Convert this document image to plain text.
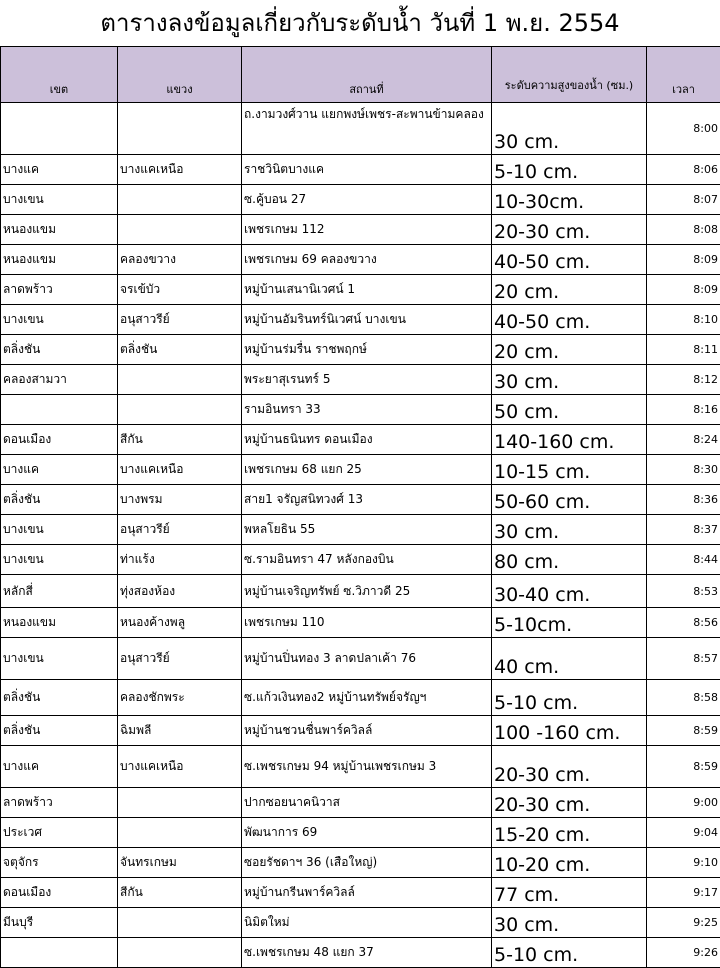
ตารางลงข้อมูลเกี่ยวกับระดับน้ำ วันที่ 1 พ.ย. 2554
เขต	แขวง	สถานที่	ระดับความสูงของน้ำ (ซม.)	เวลา
		ถ.งามวงศ์วาน แยกพงษ์เพชร-สะพานข้ามคลอง	30 cm.	8:00
บางแค	บางแคเหนือ	ราชวินิตบางแค	5-10 cm.	8:06
บางเขน		ซ.คู้บอน 27	10-30cm.	8:07
หนองแขม		เพชรเกษม 112	20-30 cm.	8:08
หนองแขม	คลองขวาง	เพชรเกษม 69 คลองขวาง	40-50 cm.	8:09
ลาดพร้าว	จรเข้บัว	หมู่บ้านเสนานิเวศน์ 1	20 cm.	8:09
บางเขน	อนุสาวรีย์	หมู่บ้านอัมรินทร์นิเวศน์ บางเขน	40-50 cm.	8:10
ตลิ่งชัน	ตลิ่งชัน	หมู่บ้านร่มรื่น ราชพฤกษ์	20 cm.	8:11
คลองสามวา		พระยาสุเรนทร์ 5	30 cm.	8:12
		รามอินทรา 33	50 cm.	8:16
ดอนเมือง	สีกัน	หมู่บ้านธนินทร ดอนเมือง	140-160 cm.	8:24
บางแค	บางแคเหนือ	เพชรเกษม 68 แยก 25	10-15 cm.	8:30
ตลิ่งชัน	บางพรม	สาย1 จรัญสนิทวงศ์ 13	50-60 cm.	8:36
บางเขน	อนุสาวรีย์	พหลโยธิน 55	30 cm.	8:37
บางเขน	ท่าแร้ง	ซ.รามอินทรา 47 หลังกองบิน	80 cm.	8:44
หลักสี่	ทุ่งสองห้อง	หมู่บ้านเจริญทรัพย์ ซ.วิภาวดี 25	30-40 cm.	8:53
หนองแขม	หนองค้างพลู	เพชรเกษม 110	5-10cm.	8:56
บางเขน	อนุสาวรีย์	หมู่บ้านปิ่นทอง 3 ลาดปลาเค้า 76	40 cm.	8:57
ตลิ่งชัน	คลองชักพระ	ซ.แก้วเงินทอง2 หมู่บ้านทรัพย์จรัญฯ	5-10 cm.	8:58
ตลิ่งชัน	ฉิมพลี	หมู่บ้านชวนชื่นพาร์ควิลล์	100 -160 cm.	8:59
บางแค	บางแคเหนือ	ซ.เพชรเกษม 94 หมู่บ้านเพชรเกษม 3	20-30 cm.	8:59
ลาดพร้าว		ปากซอยนาคนิวาส	20-30 cm.	9:00
ประเวศ		พัฒนาการ 69	15-20 cm.	9:04
จตุจักร	จันทรเกษม	ซอยรัชดาฯ 36 (เสือใหญ่)	10-20 cm.	9:10
ดอนเมือง	สีกัน	หมู่บ้านกรีนพาร์ควิลล์	77 cm.	9:17
มีนบุรี		นิมิตใหม่	30 cm.	9:25
		ซ.เพชรเกษม 48 แยก 37	5-10 cm.	9:26
